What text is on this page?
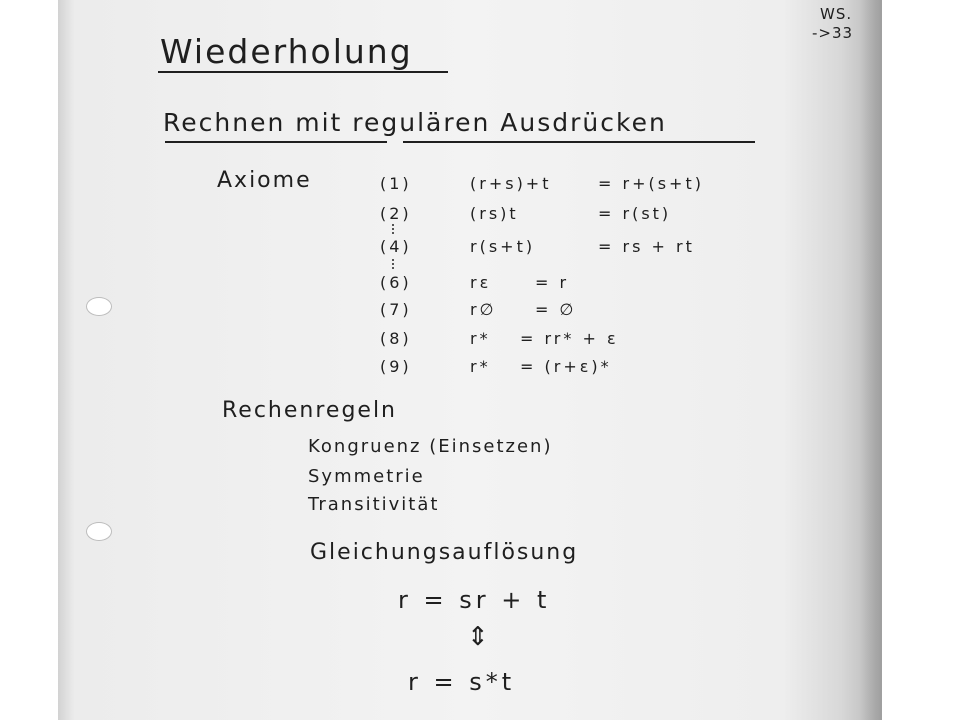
WS.
->33
Wiederholung
Rechnen mit regulären Ausdrücken
Axiome	(1)	(r+s)+t	= r+(s+t)
(2)	(rs)t	= r(st)
(4)	r(s+t)	= rs + rt
(6)	rε	= r
(7)	r∅ = ∅
(8)	r* = rr* + ε
(9)	r* = (r+ε)*
Rechenregeln
Kongruenz (Einsetzen)
Symmetrie
Transitivität
Gleichungsauflösung
r = sr + t
⇕
r = s*t
